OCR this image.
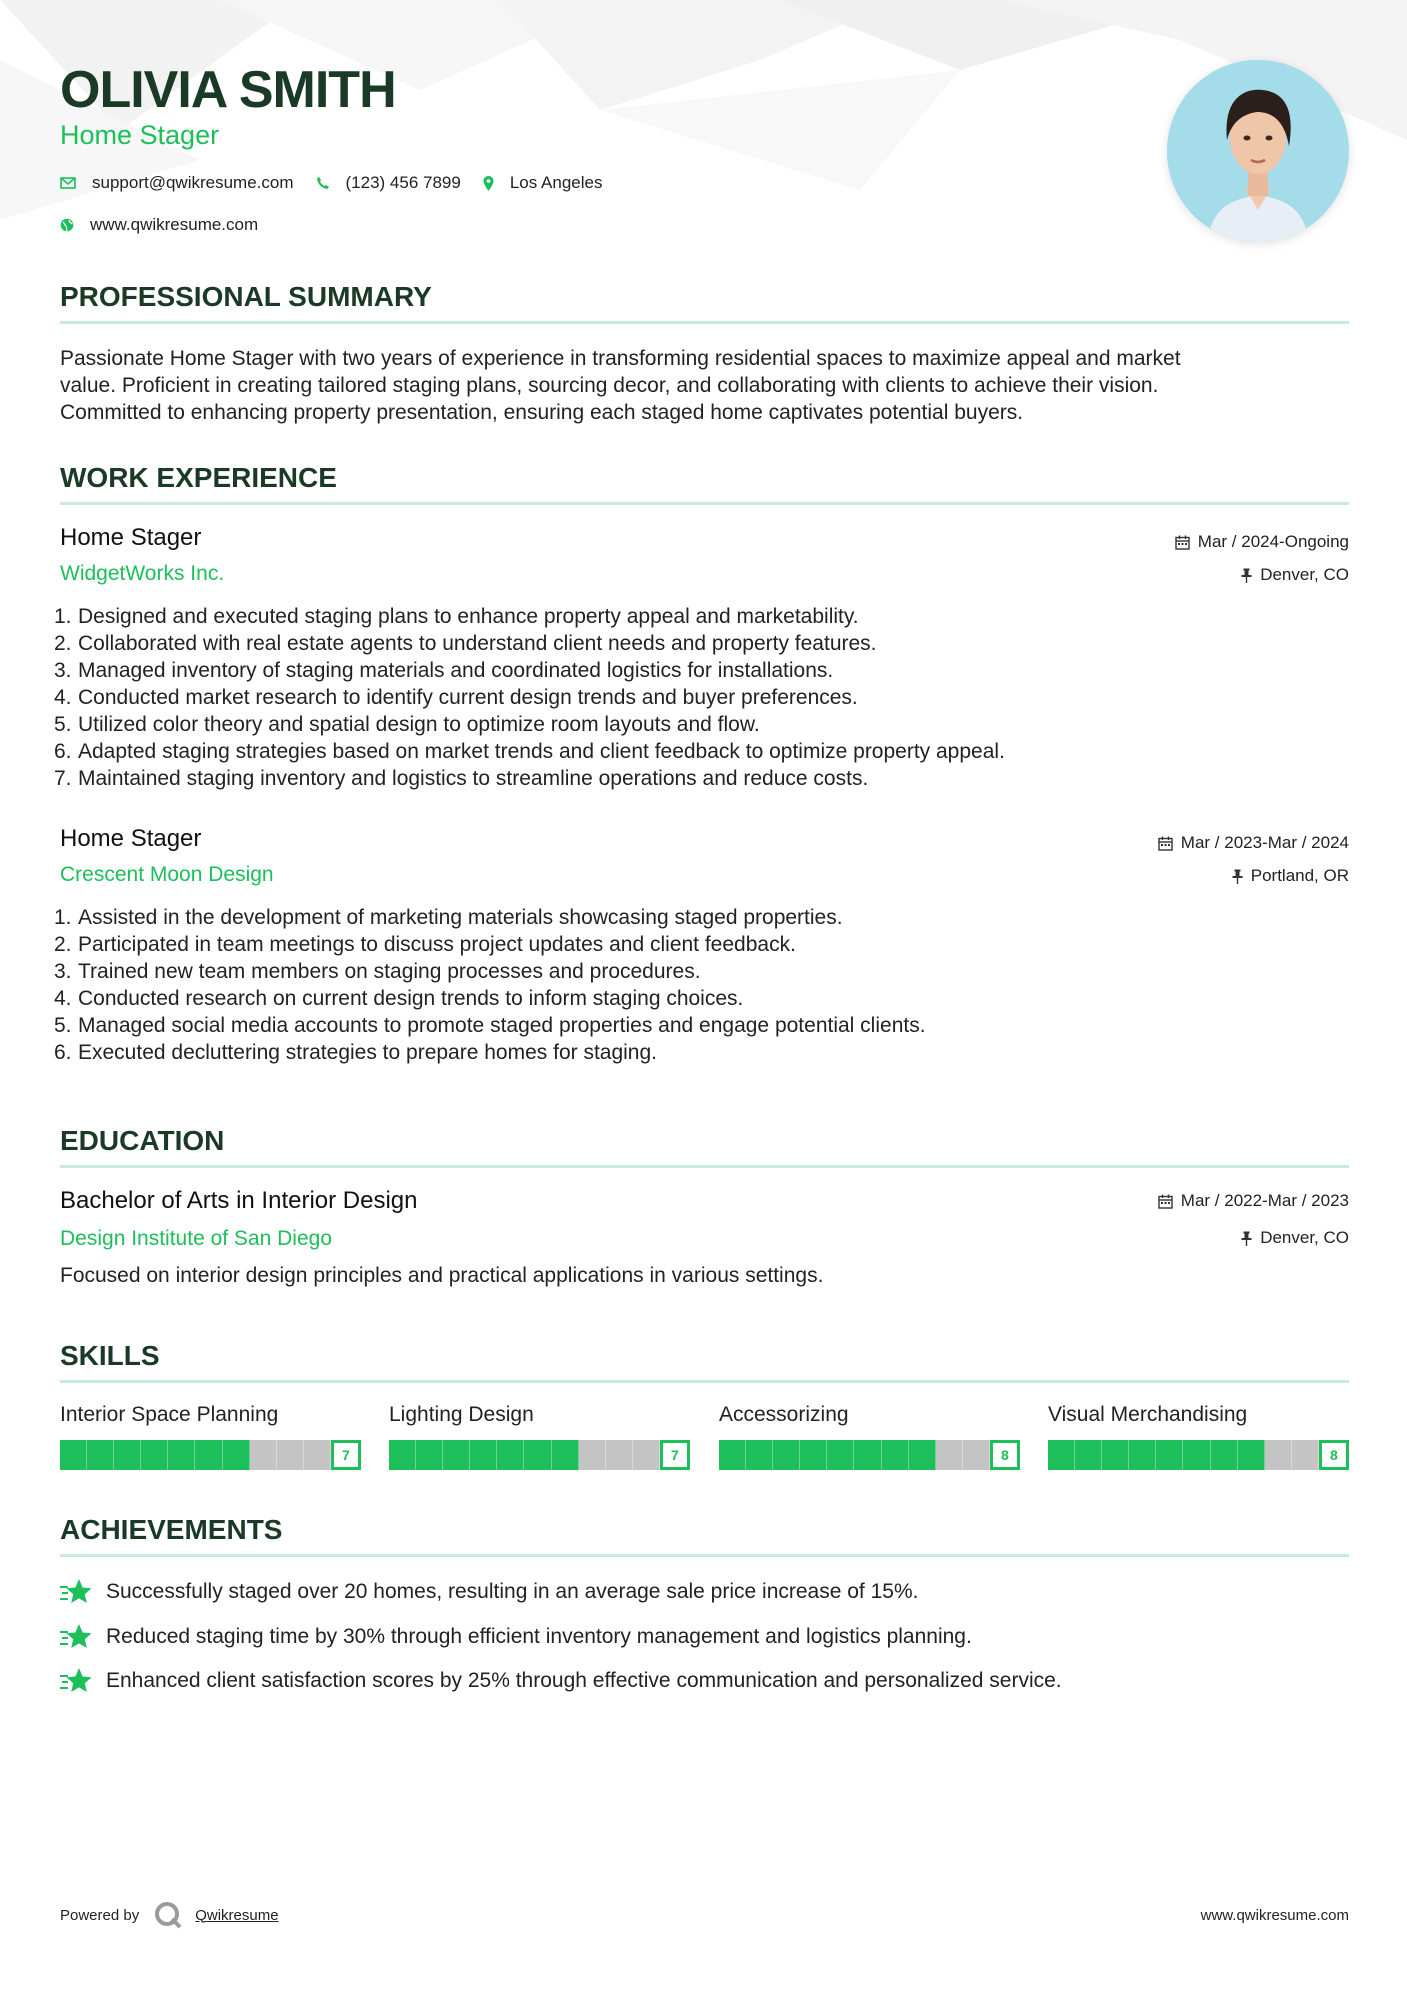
OLIVIA SMITH
Home Stager
support@qwikresume.com	(123) 456 7899	Los Angeles
www.qwikresume.com
PROFESSIONAL SUMMARY
Passionate Home Stager with two years of experience in transforming residential spaces to maximize appeal and market
value. Proficient in creating tailored staging plans, sourcing decor, and collaborating with clients to achieve their vision.
Committed to enhancing property presentation, ensuring each staged home captivates potential buyers.
WORK EXPERIENCE
Home Stager
WidgetWorks Inc.
Mar / 2024-Ongoing
Denver, CO
1. Designed and executed staging plans to enhance property appeal and marketability.
2. Collaborated with real estate agents to understand client needs and property features.
3. Managed inventory of staging materials and coordinated logistics for installations.
4. Conducted market research to identify current design trends and buyer preferences.
5. Utilized color theory and spatial design to optimize room layouts and flow.
6. Adapted staging strategies based on market trends and client feedback to optimize property appeal.
7. Maintained staging inventory and logistics to streamline operations and reduce costs.
Home Stager
Crescent Moon Design
Mar / 2023-Mar / 2024
Portland, OR
1. Assisted in the development of marketing materials showcasing staged properties.
2. Participated in team meetings to discuss project updates and client feedback.
3. Trained new team members on staging processes and procedures.
4. Conducted research on current design trends to inform staging choices.
5. Managed social media accounts to promote staged properties and engage potential clients.
6. Executed decluttering strategies to prepare homes for staging.
EDUCATION
Bachelor of Arts in Interior Design
Design Institute of San Diego
Mar / 2022-Mar / 2023
Denver, CO
Focused on interior design principles and practical applications in various settings.
SKILLS
Interior Space Planning
7
Lighting Design
7
Accessorizing
8
Visual Merchandising
8
ACHIEVEMENTS
Successfully staged over 20 homes, resulting in an average sale price increase of 15%.
Reduced staging time by 30% through efficient inventory management and logistics planning.
Enhanced client satisfaction scores by 25% through effective communication and personalized service.
Powered by	Qwikresume	www.qwikresume.com
